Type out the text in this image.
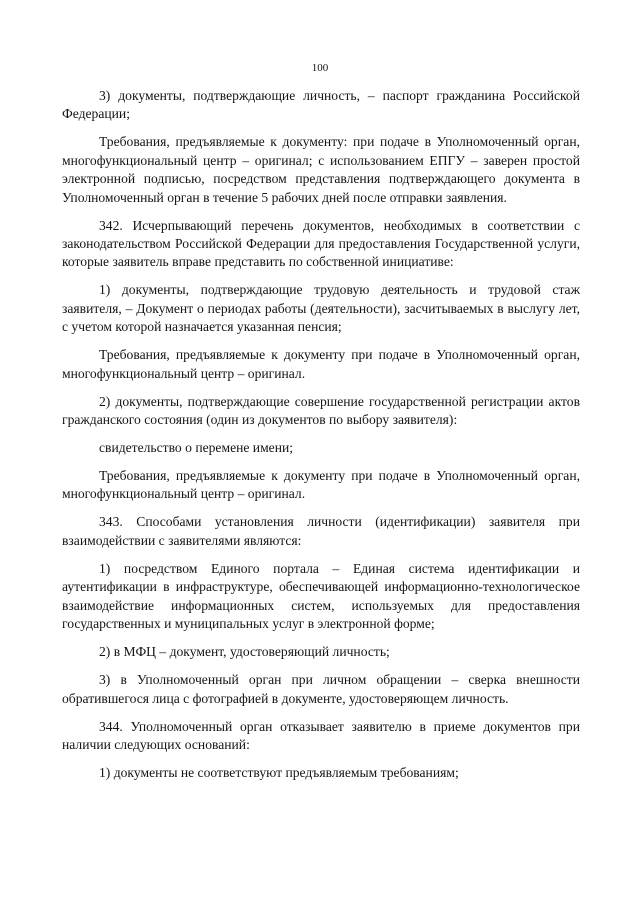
100

3) документы, подтверждающие личность, – паспорт гражданина Российской Федерации;

Требования, предъявляемые к документу: при подаче в Уполномоченный орган, многофункциональный центр – оригинал; с использованием ЕПГУ – заверен простой электронной подписью, посредством представления подтверждающего документа в Уполномоченный орган в течение 5 рабочих дней после отправки заявления.

342. Исчерпывающий перечень документов, необходимых в соответствии с законодательством Российской Федерации для предоставления Государственной услуги, которые заявитель вправе представить по собственной инициативе:

1) документы, подтверждающие трудовую деятельность и трудовой стаж заявителя, – Документ о периодах работы (деятельности), засчитываемых в выслугу лет, с учетом которой назначается указанная пенсия;

Требования, предъявляемые к документу при подаче в Уполномоченный орган, многофункциональный центр – оригинал.

2) документы, подтверждающие совершение государственной регистрации актов гражданского состояния (один из документов по выбору заявителя):

свидетельство о перемене имени;

Требования, предъявляемые к документу при подаче в Уполномоченный орган, многофункциональный центр – оригинал.

343. Способами установления личности (идентификации) заявителя при взаимодействии с заявителями являются:

1) посредством Единого портала – Единая система идентификации и аутентификации в инфраструктуре, обеспечивающей информационно-технологическое взаимодействие информационных систем, используемых для предоставления государственных и муниципальных услуг в электронной форме;

2) в МФЦ – документ, удостоверяющий личность;

3) в Уполномоченный орган при личном обращении – сверка внешности обратившегося лица с фотографией в документе, удостоверяющем личность.

344. Уполномоченный орган отказывает заявителю в приеме документов при наличии следующих оснований:

1) документы не соответствуют предъявляемым требованиям;
